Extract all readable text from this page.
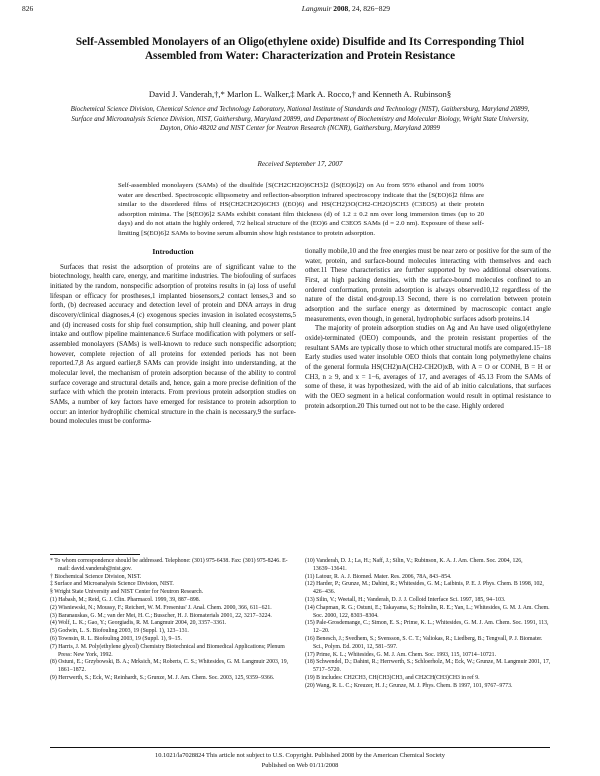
826	Langmuir 2008, 24, 826−829
Self-Assembled Monolayers of an Oligo(ethylene oxide) Disulfide and Its Corresponding Thiol Assembled from Water: Characterization and Protein Resistance
David J. Vanderah,†,* Marlon L. Walker,‡ Mark A. Rocco,† and Kenneth A. Rubinson§
Biochemical Science Division, Chemical Science and Technology Laboratory, National Institute of Standards and Technology (NIST), Gaithersburg, Maryland 20899, Surface and Microanalysis Science Division, NIST, Gaithersburg, Maryland 20899, and Department of Biochemistry and Molecular Biology, Wright State University, Dayton, Ohio 48202 and NIST Center for Neutron Research (NCNR), Gaithersburg, Maryland 20899
Received September 17, 2007
Self-assembled monolayers (SAMs) of the disulfide [S(CH2CH2O)6CH3]2 ([S(EO)6]2) on Au from 95% ethanol and from 100% water are described. Spectroscopic ellipsometry and reflection-absorption infrared spectroscopy indicate that the [S(EO)6]2 films are similar to the disordered films of HS(CH2CH2O)6CH3 ((EO)6) and HS(CH2)3O(CH2-CH2O)5CH3 (C3EO5) at their protein adsorption minima. The [S(EO)6]2 SAMs exhibit constant film thickness (d) of 1.2 ± 0.2 nm over long immersion times (up to 20 days) and do not attain the highly ordered, 7/2 helical structure of the (EO)6 and C3EO5 SAMs (d = 2.0 nm). Exposure of these self-limiting [S(EO)6]2 SAMs to bovine serum albumin show high resistance to protein adsorption.
Introduction

Surfaces that resist the adsorption of proteins are of significant value to the biotechnology, health care, energy, and maritime industries. The biofouling of surfaces initiated by the random, nonspecific adsorption of proteins results in (a) loss of useful lifespan or efficacy for prostheses,1 implanted biosensors,2 contact lenses,3 and so forth, (b) decreased accuracy and detection level of protein and DNA arrays in drug discovery/clinical diagnoses,4 (c) exogenous species invasion in isolated ecosystems,5 and (d) increased costs for ship fuel consumption, ship hull cleaning, and power plant intake and outflow pipeline maintenance.6 Surface modification with polymers or self-assembled monolayers (SAMs) is well-known to reduce such nonspecific adsorption; however, complete rejection of all proteins for extended periods has not been reported.7,8 As argued earlier,8 SAMs can provide insight into understanding, at the molecular level, the mechanism of protein adsorption because of the ability to control surface coverage and structural details and, hence, gain a more precise definition of the surface with which the protein interacts. From previous protein adsorption studies on SAMs, a number of key factors have emerged for resistance to protein adsorption to occur: an interior hydrophilic chemical structure in the chain is necessary,9 the surface-bound molecules must be conforma-

tionally mobile,10 and the free energies must be near zero or positive for the sum of the water, protein, and surface-bound molecules interacting with themselves and each other.11 These characteristics are further supported by two additional observations. First, at high packing densities, with the surface-bound molecules confined to an ordered conformation, protein adsorption is always observed10,12 regardless of the nature of the distal end-group.13 Second, there is no correlation between protein adsorption and the surface energy as determined by macroscopic contact angle measurements, even though, in general, hydrophobic surfaces adsorb proteins.14

The majority of protein adsorption studies on Ag and Au have used oligo(ethylene oxide)-terminated (OEO) compounds, and the protein resistant properties of the resultant SAMs are typically those to which other structural motifs are compared.15−18 Early studies used water insoluble OEO thiols that contain long polymethylene chains of the general formula HS(CH2)nA(CH2-CH2O)xB, with A = O or CONH, B = H or CH3, n ≥ 9, and x = 1−6, averages of 17, and averages of 45.13 From the SAMs of some of these, it was hypothesized, with the aid of ab initio calculations, that surfaces with the OEO segment in a helical conformation would result in optimal resistance to protein adsorption.20 This turned out not to be the case. Highly ordered

* To whom correspondence should be addressed. Telephone: (301) 975-6438. Fax: (301) 975-8246. E-mail: david.vanderah@nist.gov.

† Biochemical Science Division, NIST.

‡ Surface and Microanalysis Science Division, NIST.

§ Wright State University and NIST Center for Neutron Research.

(1) Habash, M.; Reid, G. J. Clin. Pharmacol. 1999, 39, 887−898.

(2) Wisniewski, N.; Moussy, F.; Reichert, W. M. Fresenius' J. Anal. Chem. 2000, 366, 611−621.

(3) Baranauskas, G. M.; van der Mei, H. C.; Busscher, H. J. Biomaterials 2001, 22, 3217−3224.

(4) Wolf, L. K.; Gao, Y.; Georgiadis, R. M. Langmuir 2004, 20, 3357−3361.

(5) Godwin, L. S. Biofouling 2003, 19 (Suppl. 1), 123−131.

(6) Townsin, R. L. Biofouling 2003, 19 (Suppl. 1), 9−15.

(7) Harris, J. M. Poly(ethylene glycol) Chemistry Biotechnical and Biomedical Applications; Plenum Press: New York, 1992.

(8) Ostuni, E.; Grzybowski, B. A.; Mrksich, M.; Roberts, C. S.; Whitesides, G. M. Langmuir 2003, 19, 1861−1872.

(9) Herrwerth, S.; Eck, W.; Reinhardt, S.; Grunze, M. J. Am. Chem. Soc. 2003, 125, 9359−9366.

(10) Vanderah, D. J.; La, H.; Naff, J.; Silin, V.; Rubinson, K. A. J. Am. Chem. Soc. 2004, 126, 13639−13641.

(11) Latour, R. A. J. Biomed. Mater. Res. 2006, 78A, 843−854.

(12) Harder, P.; Grunze, M.; Dahint, R.; Whitesides, G. M.; Laibinis, P. E. J. Phys. Chem. B 1998, 102, 426−436.

(13) Silin, V.; Weetall, H.; Vanderah, D. J. J. Colloid Interface Sci. 1997, 185, 94−103.

(14) Chapman, R. G.; Ostuni, E.; Takayama, S.; Holmlin, R. E.; Yan, L.; Whitesides, G. M. J. Am. Chem. Soc. 2000, 122, 8303−8304.

(15) Pale-Grosdemange, C.; Simon, E. S.; Prime, K. L.; Whitesides, G. M. J. Am. Chem. Soc. 1991, 113, 12−20.

(16) Benesch, J.; Svedhem, S.; Svensson, S. C. T.; Valiokas, R.; Liedberg, B.; Tengvall, P. J. Biomater. Sci., Polym. Ed. 2001, 12, 581−597.

(17) Prime, K. L.; Whitesides, G. M. J. Am. Chem. Soc. 1993, 115, 10714−10721.

(18) Schwendel, D.; Dahint, R.; Herrwerth, S.; Schloerholz, M.; Eck, W.; Grunze, M. Langmuir 2001, 17, 5717−5720.

(19) B includes: CH2CH3, CH(CH3)CH3, and CH2CH(CH3)CH3 in ref 9.

(20) Wang, R. L. C.; Kreuzer, H. J.; Grunze, M. J. Phys. Chem. B 1997, 101, 9767−9773.

10.1021/la7028824 This article not subject to U.S. Copyright. Published 2008 by the American Chemical Society
Published on Web 01/11/2008
